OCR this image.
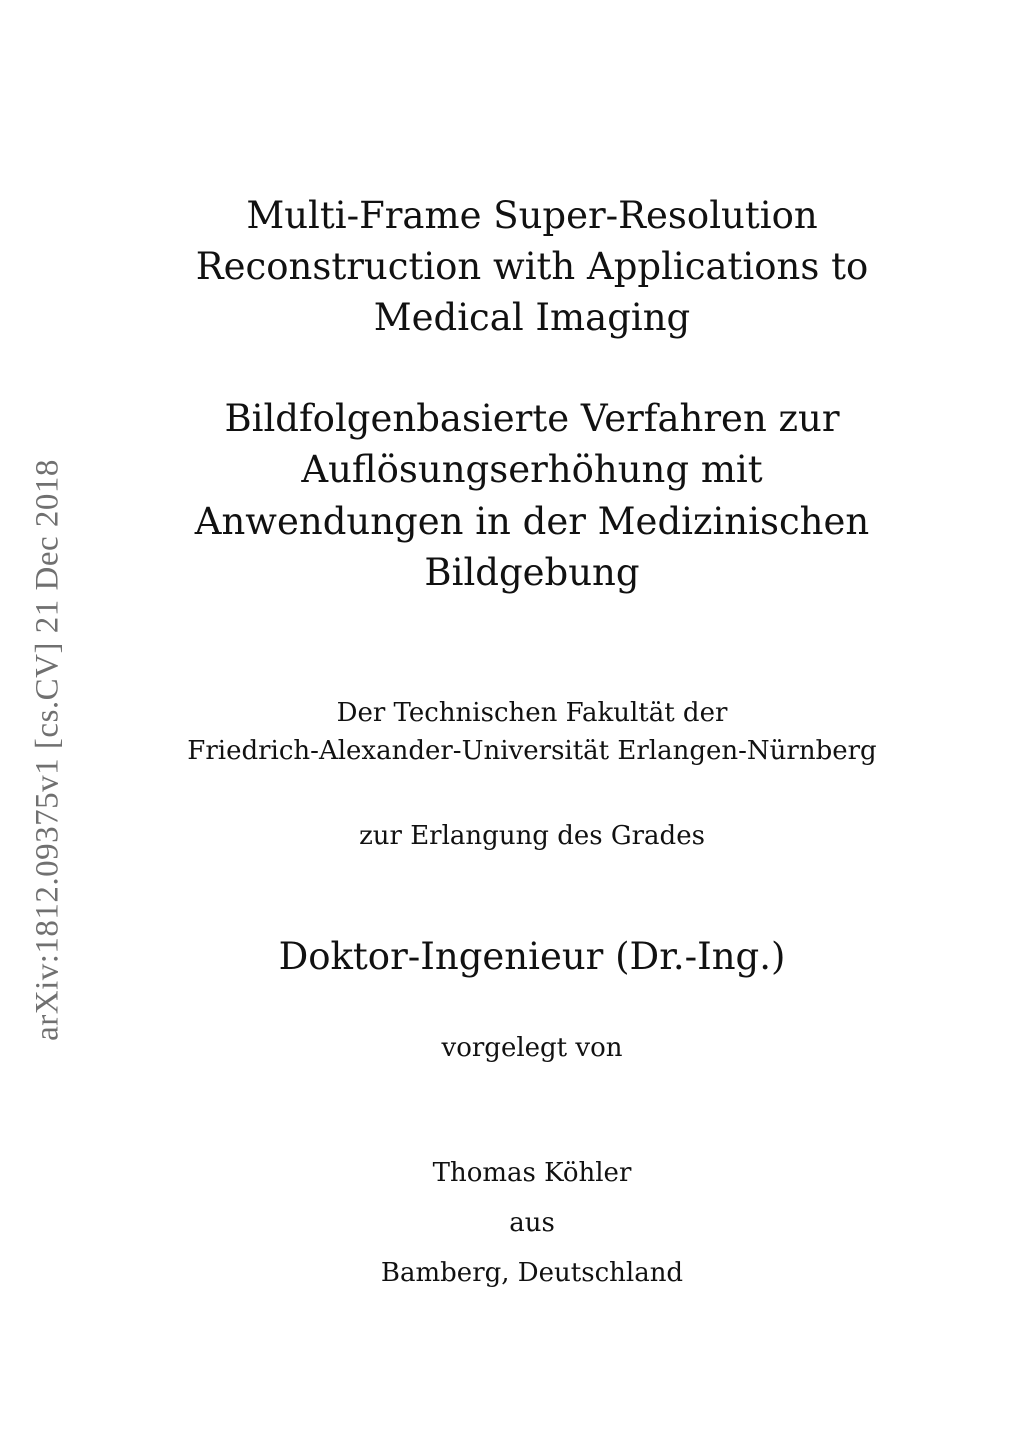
arXiv:1812.09375v1 [cs.CV] 21 Dec 2018
Multi-Frame Super-Resolution
Reconstruction with Applications to
Medical Imaging
Bildfolgenbasierte Verfahren zur
Auflösungserhöhung mit
Anwendungen in der Medizinischen
Bildgebung
Der Technischen Fakultät der
Friedrich-Alexander-Universität Erlangen-Nürnberg
zur Erlangung des Grades
Doktor-Ingenieur (Dr.-Ing.)
vorgelegt von
Thomas Köhler
aus
Bamberg, Deutschland
